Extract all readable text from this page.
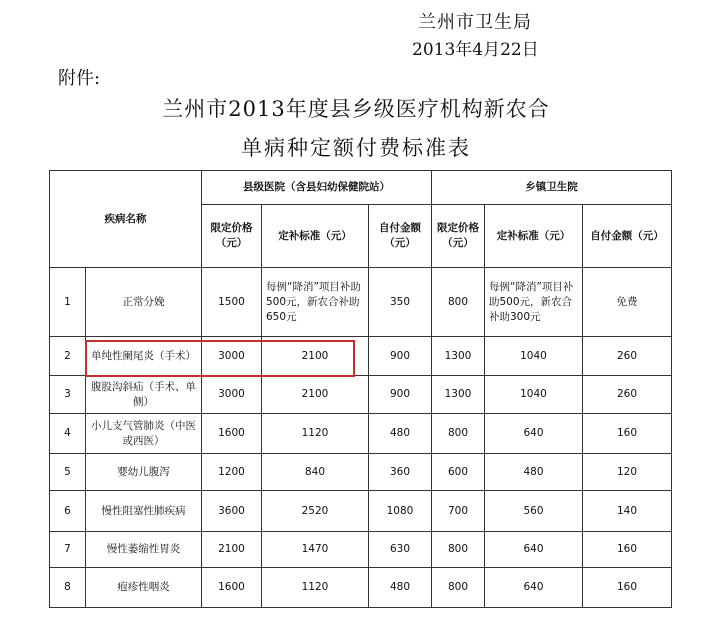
兰州市卫生局
2013年4月22日
附件:
兰州市2013年度县乡级医疗机构新农合
单病种定额付费标准表
疾病名称		县级医院（含县妇幼保健院站）			乡镇卫生院		
		限定价格（元）	定补标准（元）	自付金额（元）	限定价格（元）	定补标准（元）	自付金额（元）
1	正常分娩	1500	每例“降消”项目补助500元，新农合补助650元	350	800	每例“降消”项目补助500元，新农合补助300元	免费
2	单纯性阑尾炎（手术）	3000	2100	900	1300	1040	260
3	腹股沟斜疝（手术、单侧）	3000	2100	900	1300	1040	260
4	小儿支气管肺炎（中医或西医）	1600	1120	480	800	640	160
5	婴幼儿腹泻	1200	840	360	600	480	120
6	慢性阻塞性肺疾病	3600	2520	1080	700	560	140
7	慢性萎缩性胃炎	2100	1470	630	800	640	160
8	疱疹性咽炎	1600	1120	480	800	640	160
